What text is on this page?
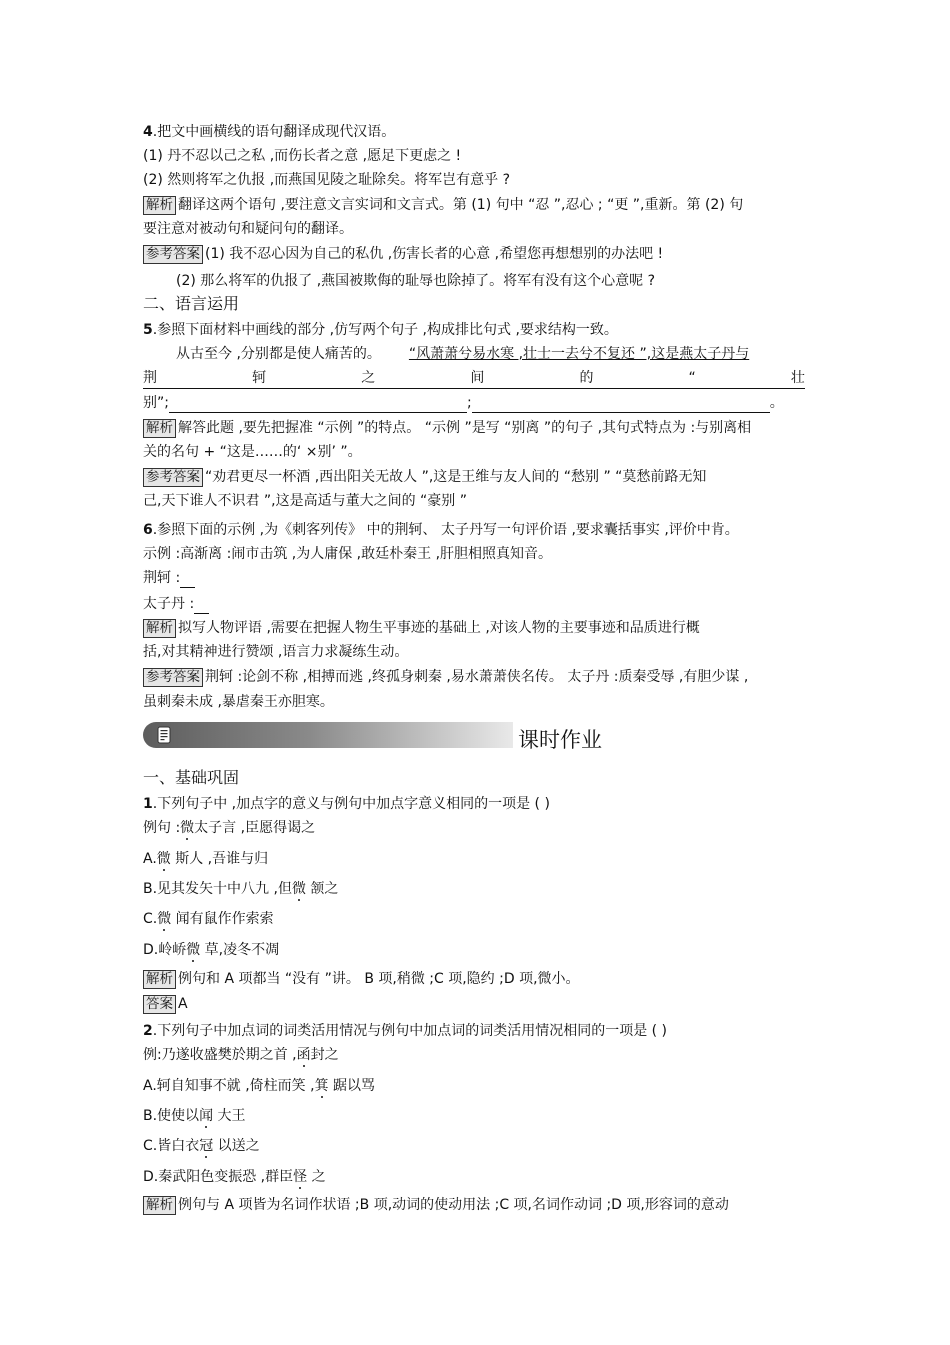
4.把文中画横线的语句翻译成现代汉语。
(1) 丹不忍以己之私 ,而伤长者之意 ,愿足下更虑之 !
(2) 然则将军之仇报 ,而燕国见陵之耻除矣。将军岂有意乎 ?
解析 翻译这两个语句 ,要注意文言实词和文言式。第 (1) 句中 “忍 ”,忍心 ; “更 ”,重新。第 (2) 句
要注意对被动句和疑问句的翻译。
参考答案 (1) 我不忍心因为自己的私仇 ,伤害长者的心意 ,希望您再想想别的办法吧 !
(2) 那么将军的仇报了 ,燕国被欺侮的耻辱也除掉了。将军有没有这个心意呢 ?
二、语言运用
5.参照下面材料中画线的部分 ,仿写两个句子 ,构成排比句式 ,要求结构一致。
从古至今 ,分别都是使人痛苦的。“风萧萧兮易水寒 ,壮士一去兮不复还 ”,这是燕太子丹与
荆	轲	之	间	的	“	壮
别”;	;	。
解析 解答此题 ,要先把握准 “示例 ”的特点。 “示例 ”是写 “别离 ”的句子 ,其句式特点为 :与别离相
关的名句 + “这是……的‘ ×别’ ”。
参考答案 “劝君更尽一杯酒 ,西出阳关无故人 ”,这是王维与友人间的 “愁别 ” “莫愁前路无知
己,天下谁人不识君 ”,这是高适与董大之间的 “豪别 ”
6.参照下面的示例 ,为《刺客列传》 中的荆轲、 太子丹写一句评价语 ,要求囊括事实 ,评价中肯。
示例 :高渐离 :闹市击筑 ,为人庸保 ,敢廷朴秦王 ,肝胆相照真知音。
荆轲 :
太子丹 :
解析 拟写人物评语 ,需要在把握人物生平事迹的基础上 ,对该人物的主要事迹和品质进行概
括,对其精神进行赞颂 ,语言力求凝练生动。
参考答案 荆轲 :论剑不称 ,相搏而逃 ,终孤身刺秦 ,易水萧萧侠名传。 太子丹 :质秦受辱 ,有胆少谋 ,
虽刺秦未成 ,暴虐秦王亦胆寒。
一、基础巩固
1.下列句子中 ,加点字的意义与例句中加点字意义相同的一项是 ( )
例句 :微太子言 ,臣愿得谒之
A.微 斯人 ,吾谁与归
B.见其发矢十中八九 ,但微 颔之
C.微 闻有鼠作作索索
D.岭峤微 草,凌冬不凋
解析 例句和 A 项都当 “没有 ”讲。 B 项,稍微 ;C 项,隐约 ;D 项,微小。
答案 A
2.下列句子中加点词的词类活用情况与例句中加点词的词类活用情况相同的一项是 ( )
例:乃遂收盛樊於期之首 ,函封之
A.轲自知事不就 ,倚柱而笑 ,箕 踞以骂
B.使使以闻 大王
C.皆白衣冠 以送之
D.秦武阳色变振恐 ,群臣怪 之
解析 例句与 A 项皆为名词作状语 ;B 项,动词的使动用法 ;C 项,名词作动词 ;D 项,形容词的意动
课时作业
